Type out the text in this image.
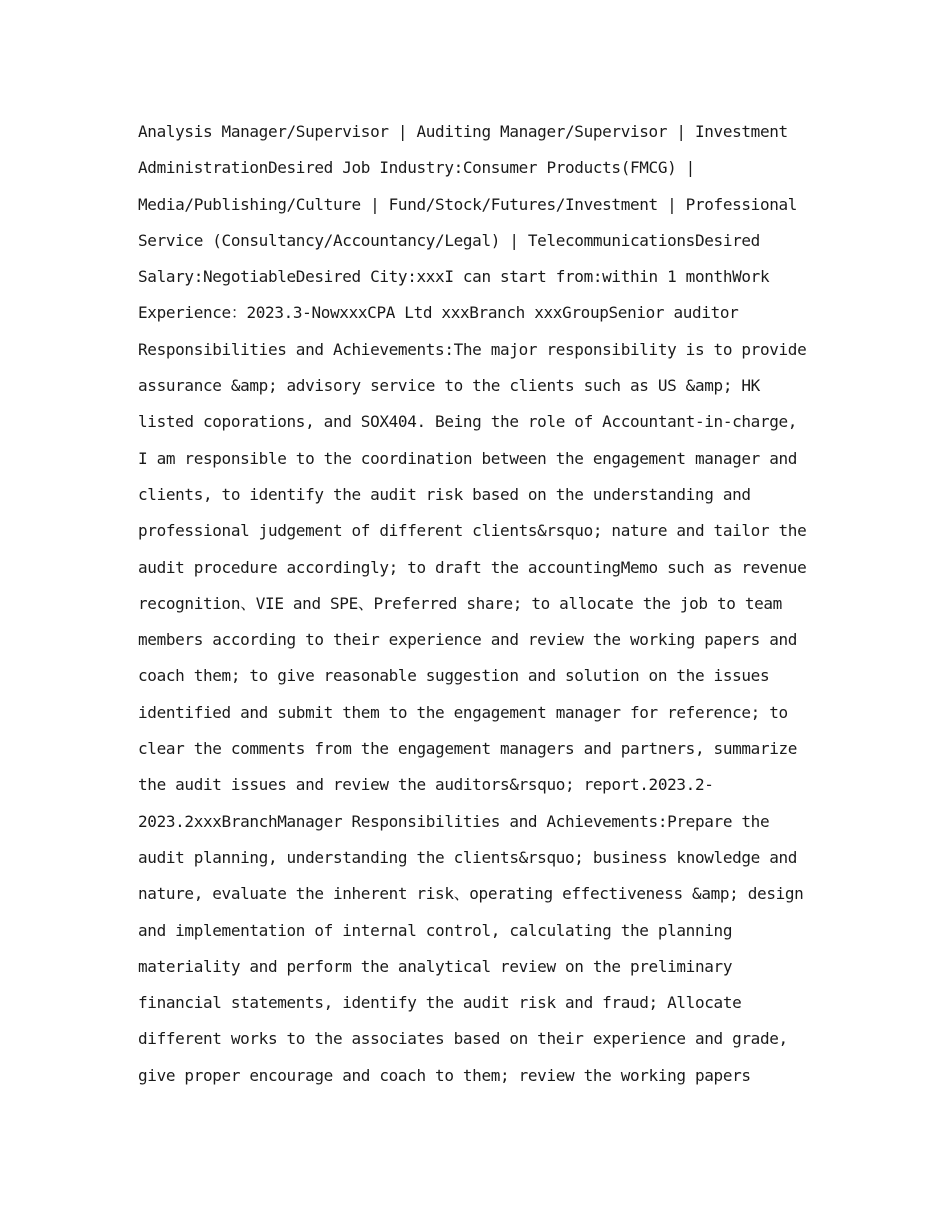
Analysis Manager/Supervisor | Auditing Manager/Supervisor | Investment
AdministrationDesired Job Industry:Consumer Products(FMCG) |
Media/Publishing/Culture | Fund/Stock/Futures/Investment | Professional
Service (Consultancy/Accountancy/Legal) | TelecommunicationsDesired
Salary:NegotiableDesired City:xxxI can start from:within 1 monthWork
Experience：2023.3-NowxxxCPA Ltd xxxBranch xxxGroupSenior auditor
Responsibilities and Achievements:The major responsibility is to provide
assurance &amp; advisory service to the clients such as US &amp; HK
listed coporations, and SOX404. Being the role of Accountant-in-charge,
I am responsible to the coordination between the engagement manager and
clients, to identify the audit risk based on the understanding and
professional judgement of different clients&rsquo; nature and tailor the
audit procedure accordingly; to draft the accountingMemo such as revenue
recognition、VIE and SPE、Preferred share; to allocate the job to team
members according to their experience and review the working papers and
coach them; to give reasonable suggestion and solution on the issues
identified and submit them to the engagement manager for reference; to
clear the comments from the engagement managers and partners, summarize
the audit issues and review the auditors&rsquo; report.2023.2-
2023.2xxxBranchManager Responsibilities and Achievements:Prepare the
audit planning, understanding the clients&rsquo; business knowledge and
nature, evaluate the inherent risk、operating effectiveness &amp; design
and implementation of internal control, calculating the planning
materiality and perform the analytical review on the preliminary
financial statements, identify the audit risk and fraud; Allocate
different works to the associates based on their experience and grade,
give proper encourage and coach to them; review the working papers
